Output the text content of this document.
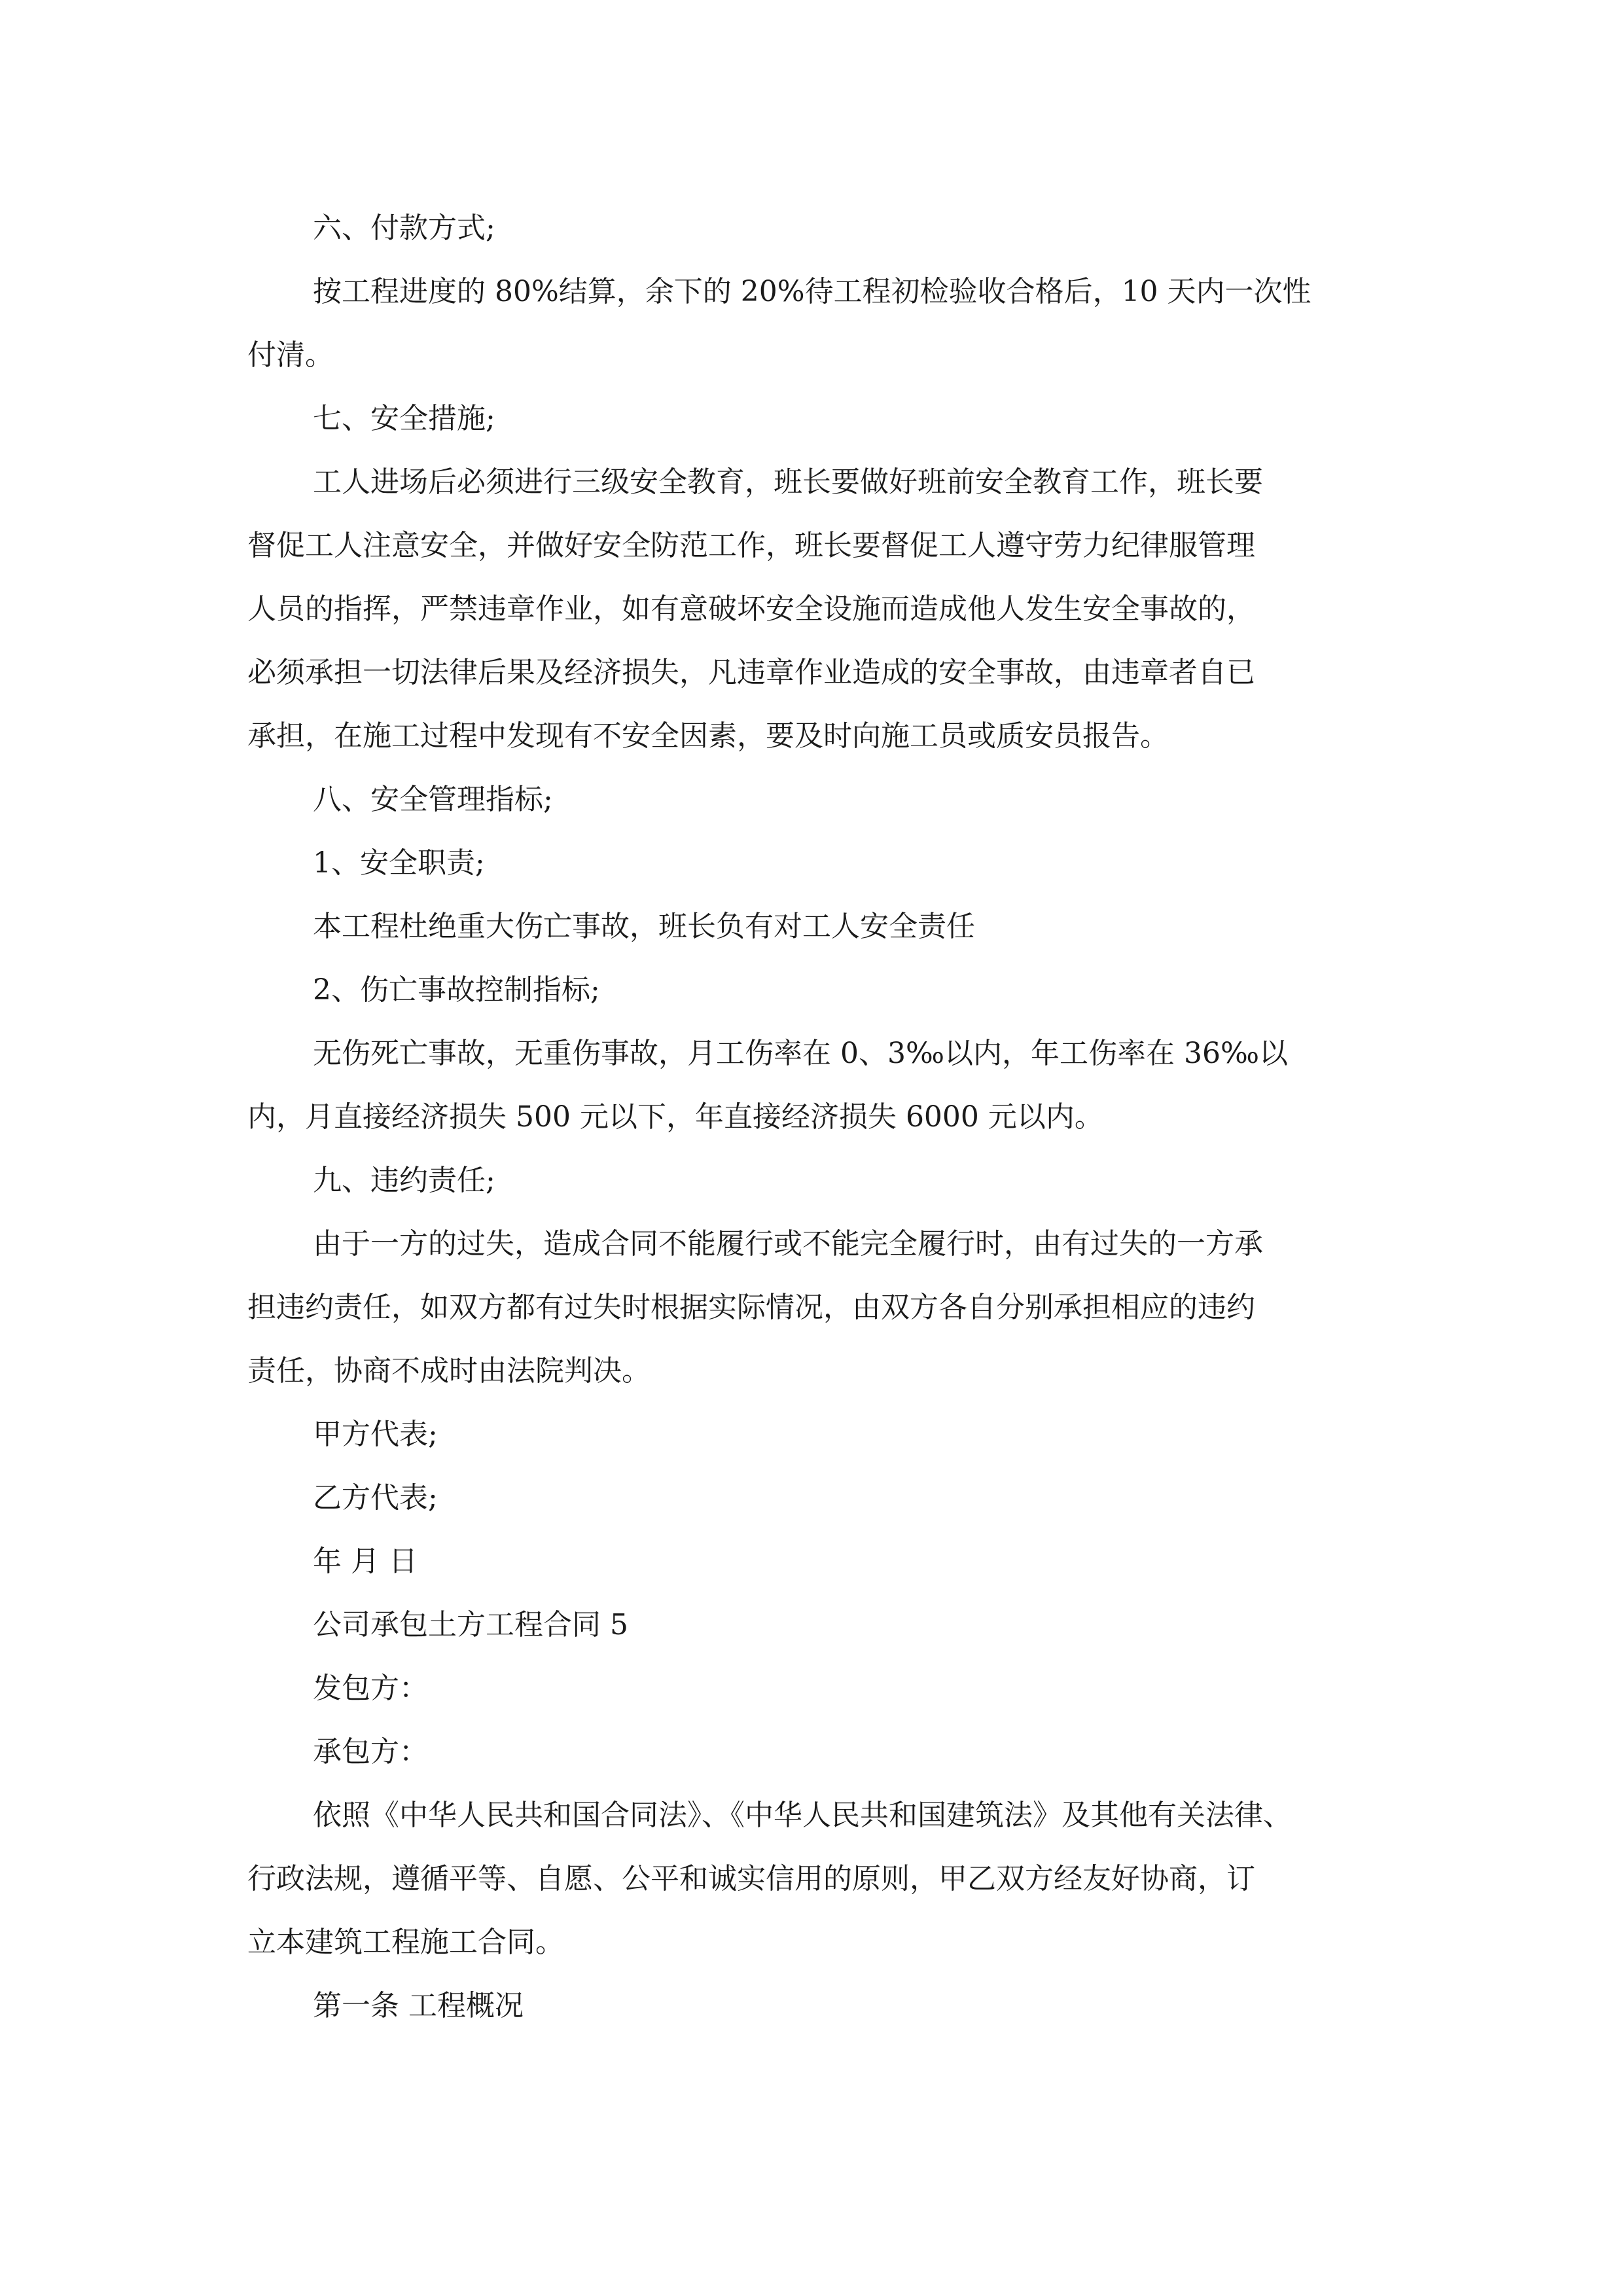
六、付款方式;
按工程进度的 80%结算，余下的 20%待工程初检验收合格后，10 天内一次性
付清。
七、安全措施;
工人进场后必须进行三级安全教育，班长要做好班前安全教育工作，班长要
督促工人注意安全，并做好安全防范工作，班长要督促工人遵守劳力纪律服管理
人员的指挥，严禁违章作业，如有意破坏安全设施而造成他人发生安全事故的，
必须承担一切法律后果及经济损失，凡违章作业造成的安全事故，由违章者自已
承担，在施工过程中发现有不安全因素，要及时向施工员或质安员报告。
八、安全管理指标;
1、安全职责;
本工程杜绝重大伤亡事故，班长负有对工人安全责任
2、伤亡事故控制指标;
无伤死亡事故，无重伤事故，月工伤率在 0、3‰以内，年工伤率在 36‰以
内，月直接经济损失 500 元以下，年直接经济损失 6000 元以内。
九、违约责任;
由于一方的过失，造成合同不能履行或不能完全履行时，由有过失的一方承
担违约责任，如双方都有过失时根据实际情况，由双方各自分别承担相应的违约
责任，协商不成时由法院判决。
甲方代表;
乙方代表;
年 月 日
公司承包土方工程合同 5
发包方：
承包方：
依照《中华人民共和国合同法》、《中华人民共和国建筑法》及其他有关法律、
行政法规，遵循平等、自愿、公平和诚实信用的原则，甲乙双方经友好协商，订
立本建筑工程施工合同。
第一条 工程概况
